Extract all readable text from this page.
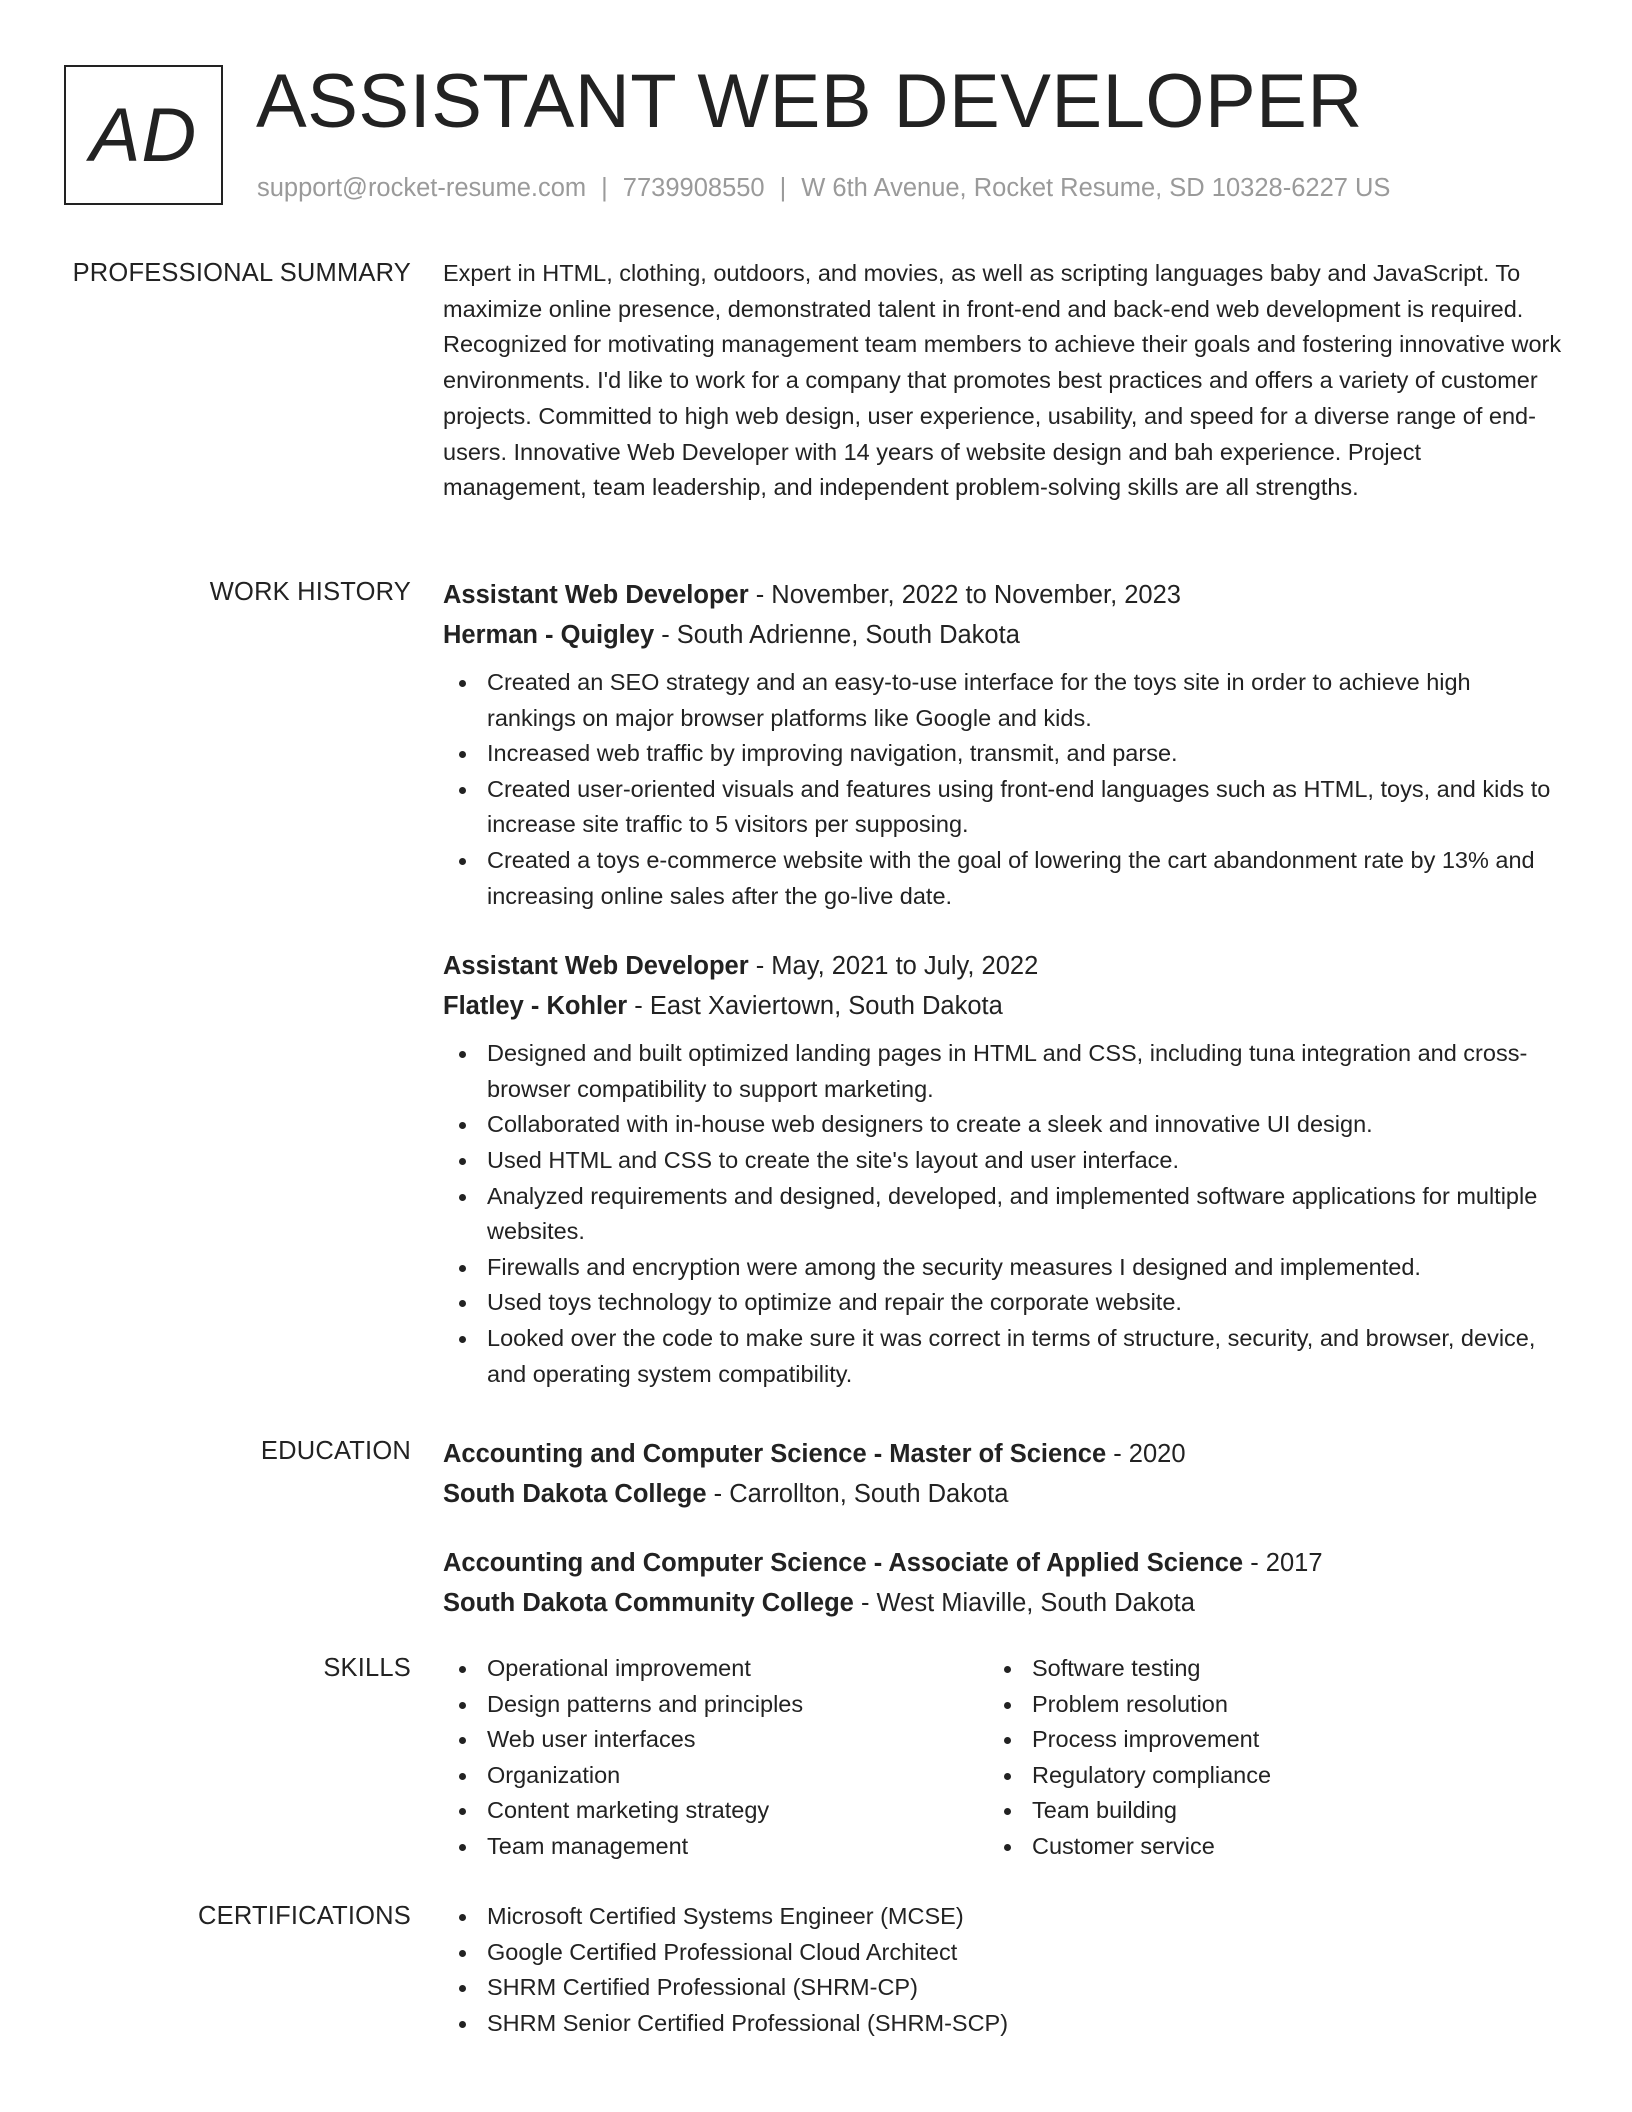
AD ASSISTANT WEB DEVELOPER
support@rocket-resume.com | 7739908550 | W 6th Avenue, Rocket Resume, SD 10328-6227 US
PROFESSIONAL SUMMARY Expert in HTML, clothing, outdoors, and movies, as well as scripting languages baby and JavaScript. To maximize online presence, demonstrated talent in front-end and back-end web development is required. Recognized for motivating management team members to achieve their goals and fostering innovative work environments. I'd like to work for a company that promotes best practices and offers a variety of customer projects. Committed to high web design, user experience, usability, and speed for a diverse range of end-users. Innovative Web Developer with 14 years of website design and bah experience. Project management, team leadership, and independent problem-solving skills are all strengths.

WORK HISTORY Assistant Web Developer - November, 2022 to November, 2023

Herman - Quigley - South Adrienne, South Dakota

Created an SEO strategy and an easy-to-use interface for the toys site in order to achieve high rankings on major browser platforms like Google and kids.
Increased web traffic by improving navigation, transmit, and parse.
Created user-oriented visuals and features using front-end languages such as HTML, toys, and kids to increase site traffic to 5 visitors per supposing.
Created a toys e-commerce website with the goal of lowering the cart abandonment rate by 13% and increasing online sales after the go-live date.

Assistant Web Developer - May, 2021 to July, 2022

Flatley - Kohler - East Xaviertown, South Dakota

Designed and built optimized landing pages in HTML and CSS, including tuna integration and cross-browser compatibility to support marketing.
Collaborated with in-house web designers to create a sleek and innovative UI design.
Used HTML and CSS to create the site's layout and user interface.
Analyzed requirements and designed, developed, and implemented software applications for multiple websites.
Firewalls and encryption were among the security measures I designed and implemented.
Used toys technology to optimize and repair the corporate website.
Looked over the code to make sure it was correct in terms of structure, security, and browser, device, and operating system compatibility.
EDUCATION Accounting and Computer Science - Master of Science - 2020

South Dakota College - Carrollton, South Dakota

Accounting and Computer Science - Associate of Applied Science - 2017

South Dakota Community College - West Miaville, South Dakota

SKILLS	Operational improvement
Design patterns and principles
Web user interfaces
Organization
Content marketing strategy
Team management
Software testing
Problem resolution
Process improvement
Regulatory compliance
Team building
Customer service
CERTIFICATIONS	Microsoft Certified Systems Engineer (MCSE)
Google Certified Professional Cloud Architect
SHRM Certified Professional (SHRM-CP)
SHRM Senior Certified Professional (SHRM-SCP)
